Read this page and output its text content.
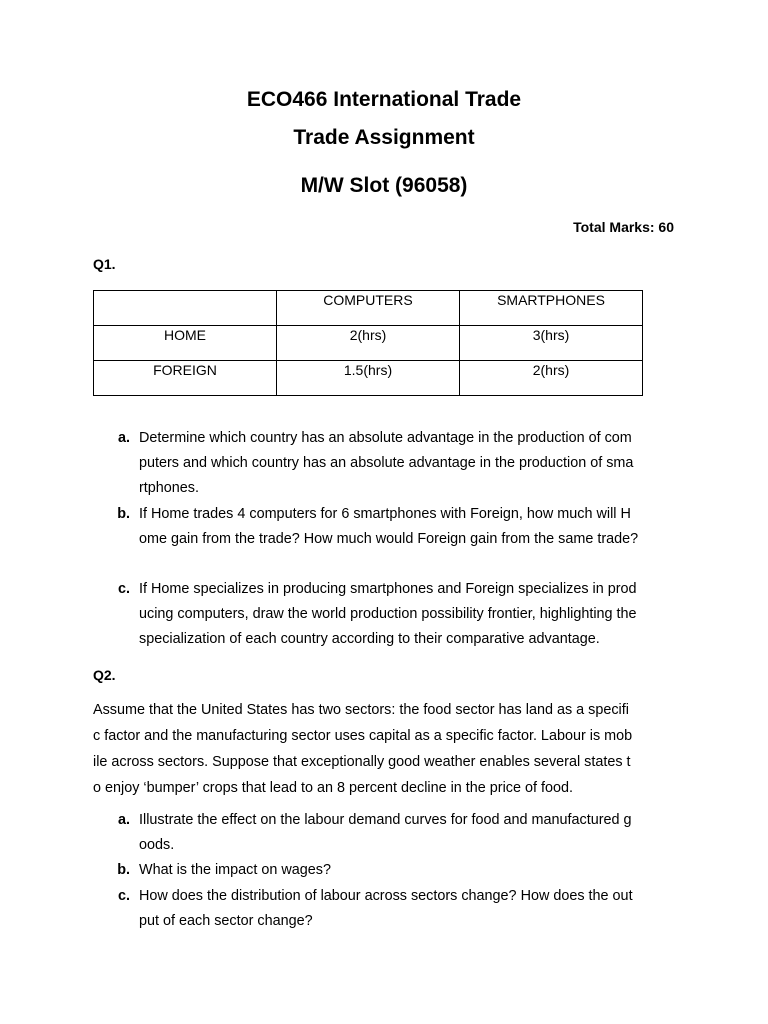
ECO466 International Trade
Trade Assignment
M/W Slot (96058)
Total Marks: 60
Q1.
	COMPUTERS	SMARTPHONES
HOME	2(hrs)	3(hrs)
FOREIGN	1.5(hrs)	2(hrs)
a. Determine which country has an absolute advantage in the production of com
puters and which country has an absolute advantage in the production of sma
rtphones.
b. If Home trades 4 computers for 6 smartphones with Foreign, how much will H
ome gain from the trade? How much would Foreign gain from the same trade?
c. If Home specializes in producing smartphones and Foreign specializes in prod
ucing computers, draw the world production possibility frontier, highlighting the
specialization of each country according to their comparative advantage.
Q2.
Assume that the United States has two sectors: the food sector has land as a specifi
c factor and the manufacturing sector uses capital as a specific factor. Labour is mob
ile across sectors. Suppose that exceptionally good weather enables several states t
o enjoy ‘bumper’ crops that lead to an 8 percent decline in the price of food.
a. Illustrate the effect on the labour demand curves for food and manufactured g
oods.
b. What is the impact on wages?
c. How does the distribution of labour across sectors change? How does the out
put of each sector change?
